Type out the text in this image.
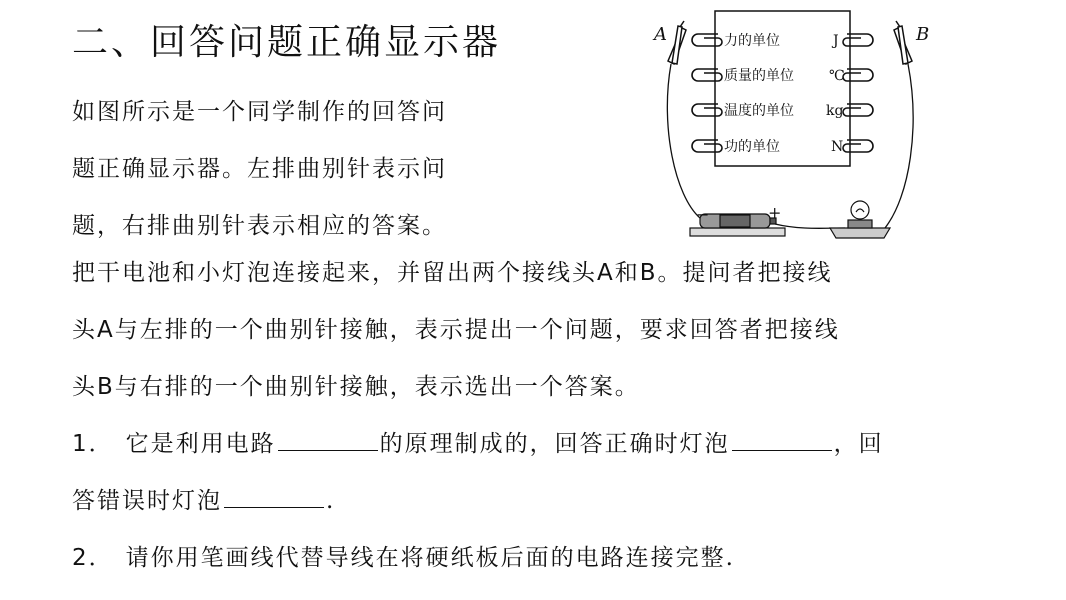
二、回答问题正确显示器
如图所示是一个同学制作的回答问
题正确显示器。左排曲别针表示问
题，右排曲别针表示相应的答案。
力的单位
质量的单位
温度的单位
功的单位
J
℃
kg
N
A	B
−	+
把干电池和小灯泡连接起来，并留出两个接线头A和B。提问者把接线
头A与左排的一个曲别针接触，表示提出一个问题，要求回答者把接线
头B与右排的一个曲别针接触，表示选出一个答案。
1． 它是利用电路	的原理制成的，回答正确时灯泡	，回
答错误时灯泡	.
2． 请你用笔画线代替导线在将硬纸板后面的电路连接完整.
